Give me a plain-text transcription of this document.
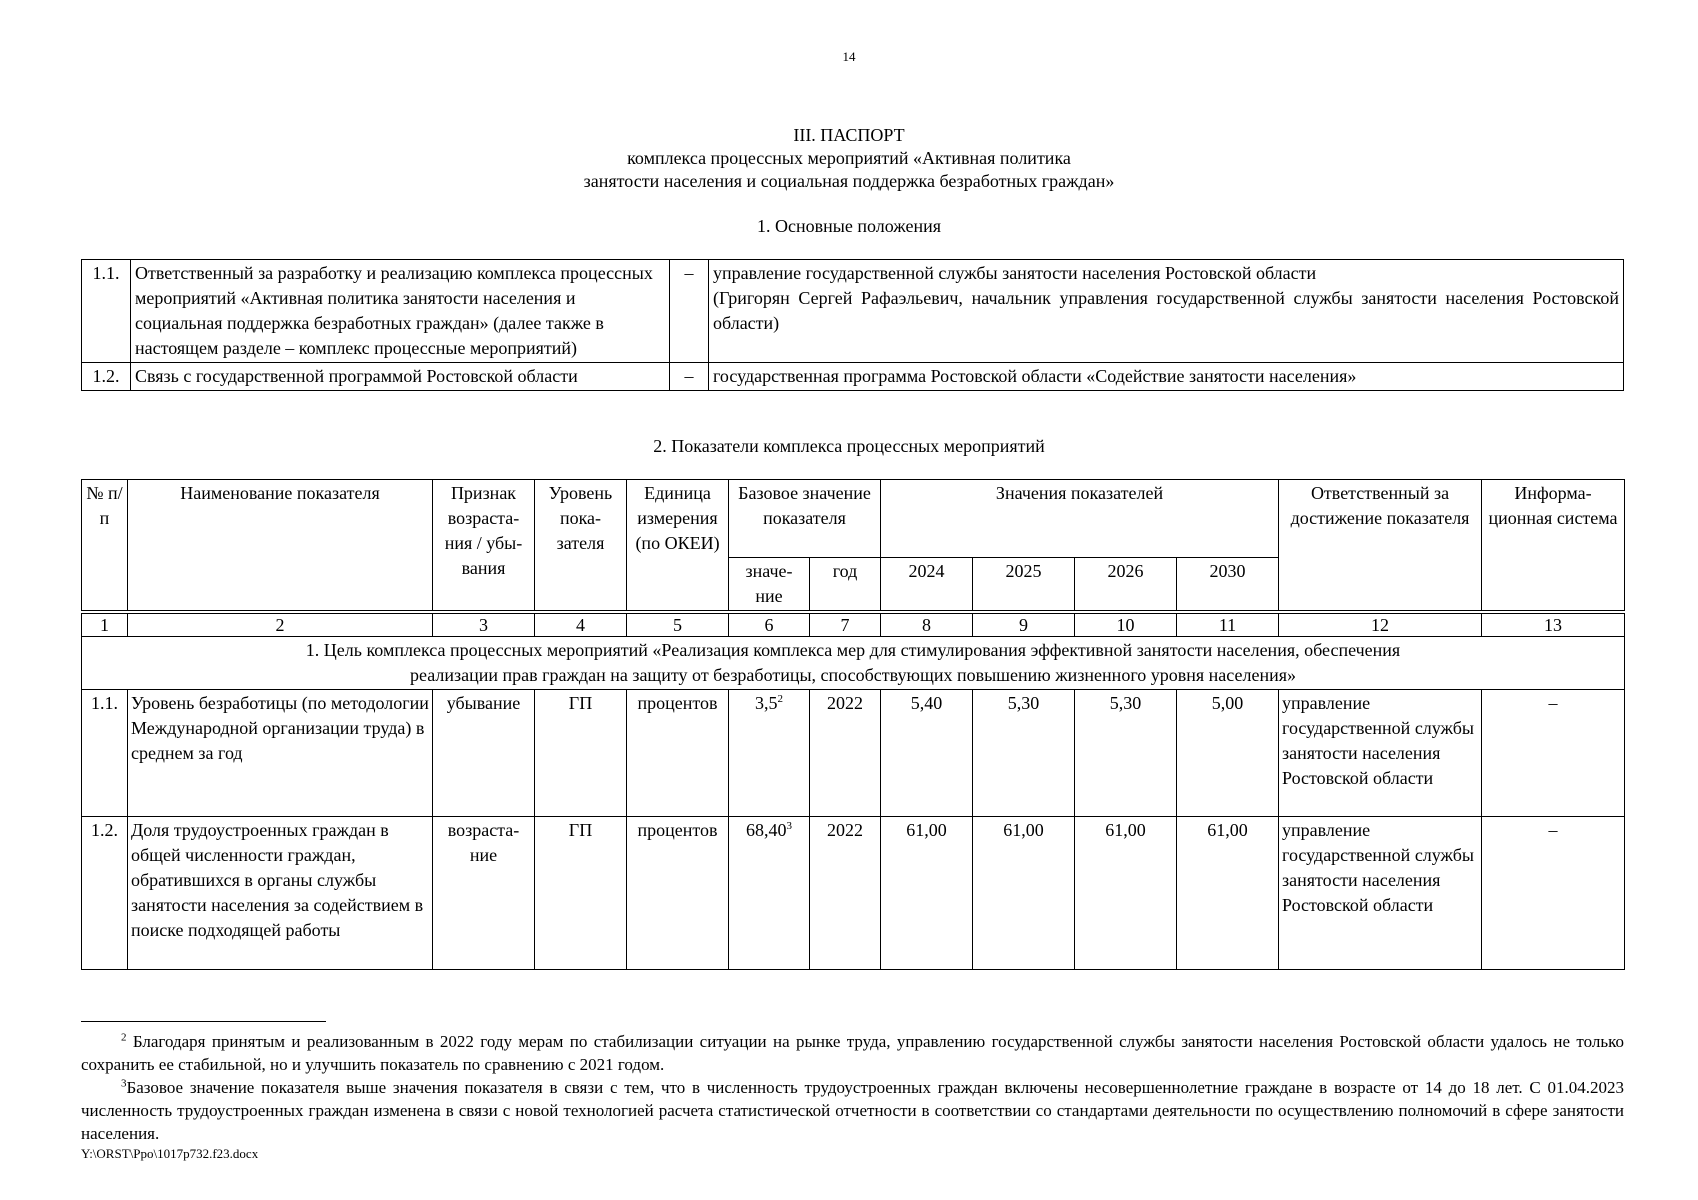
14
III. ПАСПОРТ
комплекса процессных мероприятий «Активная политика
занятости населения и социальная поддержка безработных граждан»
1. Основные положения
1.1.	Ответственный за разработку и реализацию комплекса процессных мероприятий «Активная политика занятости населения и социальная поддержка безработных граждан» (далее также в настоящем разделе – комплекс процессные мероприятий)	–	управление государственной службы занятости населения Ростовской области
(Григорян Сергей Рафаэльевич, начальник управления государственной службы занятости населения Ростовской области)

1.2.	Связь с государственной программой Ростовской области	–	государственная программа Ростовской области «Содействие занятости населения»
2. Показатели комплекса процессных мероприятий
№ п/п	Наименование показателя	Признак возраста-ния / убы-вания	Уровень пока-зателя	Единица измерения (по ОКЕИ)	Базовое значение показателя		Значения показателей				Ответственный за достижение показателя	Информа-ционная система
					значе-ние	год	2024	2025	2026	2030		
1	2	3	4	5	6	7	8	9	10	11	12	13
1. Цель комплекса процессных мероприятий «Реализация комплекса мер для стимулирования эффективной занятости населения, обеспечения реализации прав граждан на защиту от безработицы, способствующих повышению жизненного уровня населения»												
1.1.	Уровень безработицы (по методологии Международной организации труда) в среднем за год	убывание	ГП	процентов	$3,5^2$	2022	5,40	5,30	5,30	5,00	управление государственной службы занятости населения Ростовской области	–
1.2.	Доля трудоустроенных граждан в общей численности граждан, обратившихся в органы службы занятости населения за содействием в поиске подходящей работы	возраста-ние	ГП	процентов	68,40$^3$	2022	61,00	61,00	61,00	61,00	управление государственной службы занятости населения Ростовской области	–

$^2$ Благодаря принятым и реализованным в 2022 году мерам по стабилизации ситуации на рынке труда, управлению государственной службы занятости населения Ростовской области удалось не только сохранить ее стабильной, но и улучшить показатель по сравнению с 2021 годом.

$^3$Базовое значение показателя выше значения показателя в связи с тем, что в численность трудоустроенных граждан включены несовершеннолетние граждане в возрасте от 14 до 18 лет. С 01.04.2023 численность трудоустроенных граждан изменена в связи с новой технологией расчета статистической отчетности в соответствии со стандартами деятельности по осуществлению полномочий в сфере занятости населения.

Y:\ORST\Ppo\1017p732.f23.docx
